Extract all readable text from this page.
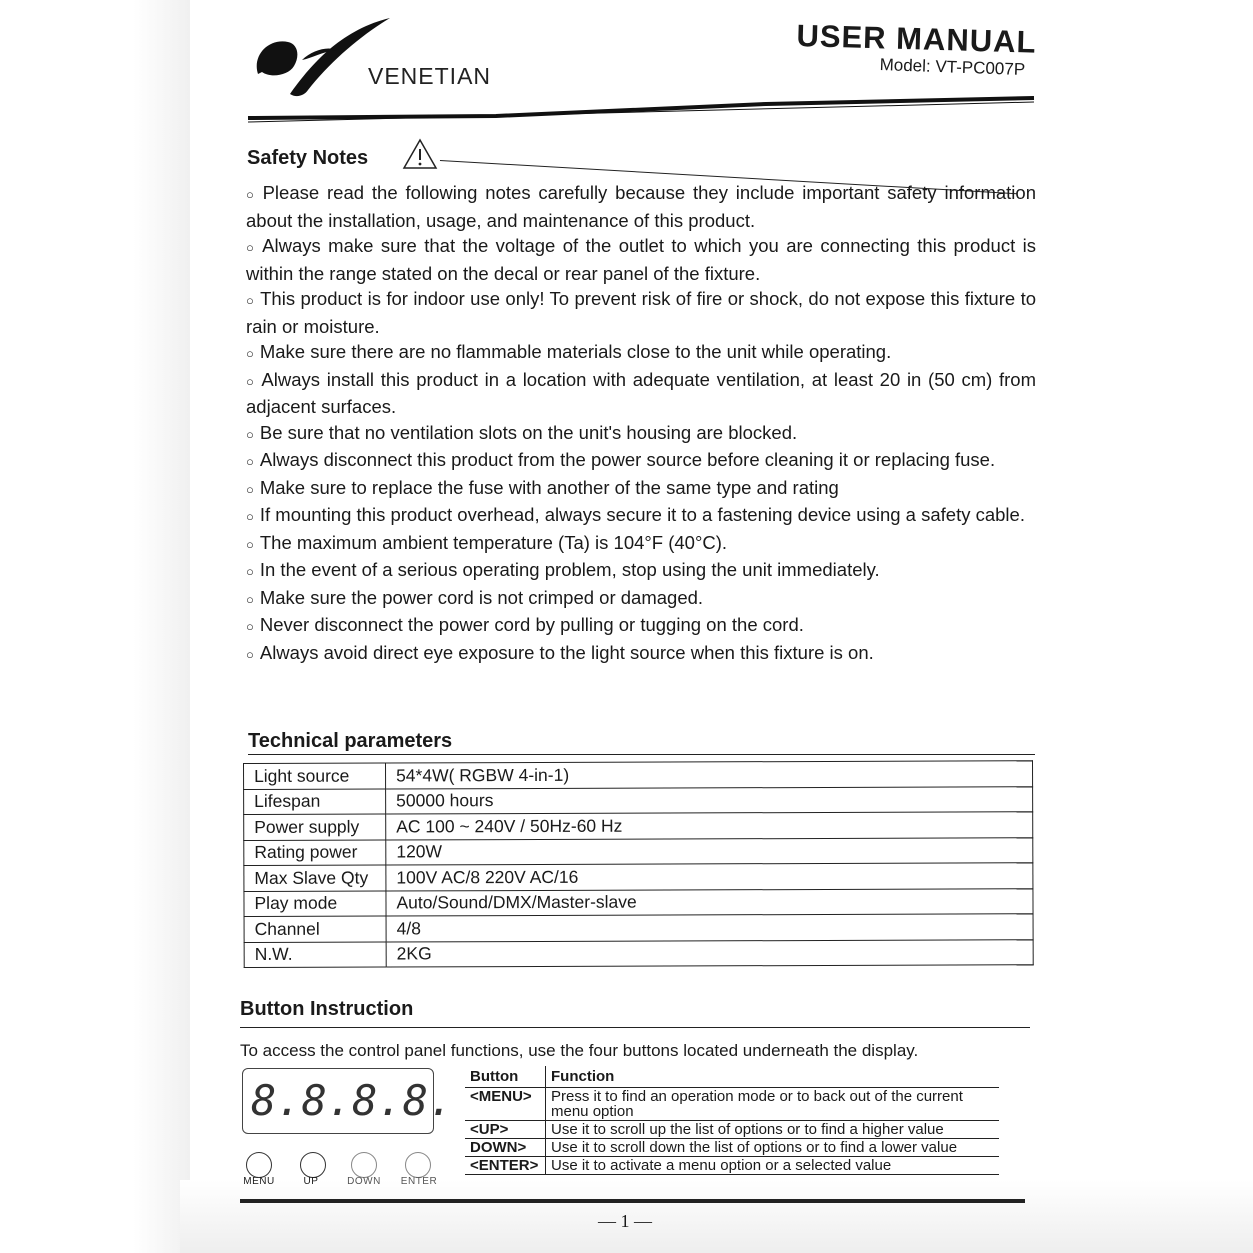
VENETIAN
USER MANUAL
Model: VT-PC007P
Safety Notes
○ Please read the following notes carefully because they include important safety information about the installation, usage, and maintenance of this product.
○ Always make sure that the voltage of the outlet to which you are connecting this product is within the range stated on the decal or rear panel of the fixture.
○ This product is for indoor use only! To prevent risk of fire or shock, do not expose this fixture to rain or moisture.
○ Make sure there are no flammable materials close to the unit while operating.
○ Always install this product in a location with adequate ventilation, at least 20 in (50 cm) from adjacent surfaces.
○ Be sure that no ventilation slots on the unit's housing are blocked.
○ Always disconnect this product from the power source before cleaning it or replacing fuse.
○ Make sure to replace the fuse with another of the same type and rating
○ If mounting this product overhead, always secure it to a fastening device using a safety cable.
○ The maximum ambient temperature (Ta) is 104°F (40°C).
○ In the event of a serious operating problem, stop using the unit immediately.
○ Make sure the power cord is not crimped or damaged.
○ Never disconnect the power cord by pulling or tugging on the cord.
○ Always avoid direct eye exposure to the light source when this fixture is on.
Technical parameters
Light source	54*4W( RGBW 4-in-1)
Lifespan	50000 hours
Power supply	AC 100 ~ 240V / 50Hz-60 Hz
Rating power	120W
Max Slave Qty	100V AC/8 220V AC/16
Play mode	Auto/Sound/DMX/Master-slave
Channel	4/8
N.W.	2KG
Button Instruction
To access the control panel functions, use the four buttons located underneath the display.
8.8.8.8.
MENU	UP	DOWN	ENTER
Button	Function
<MENU>	Press it to find an operation mode or to back out of the current menu option
<UP>	Use it to scroll up the list of options or to find a higher value
DOWN>	Use it to scroll down the list of options or to find a lower value
<ENTER>	Use it to activate a menu option or a selected value
— 1 —
